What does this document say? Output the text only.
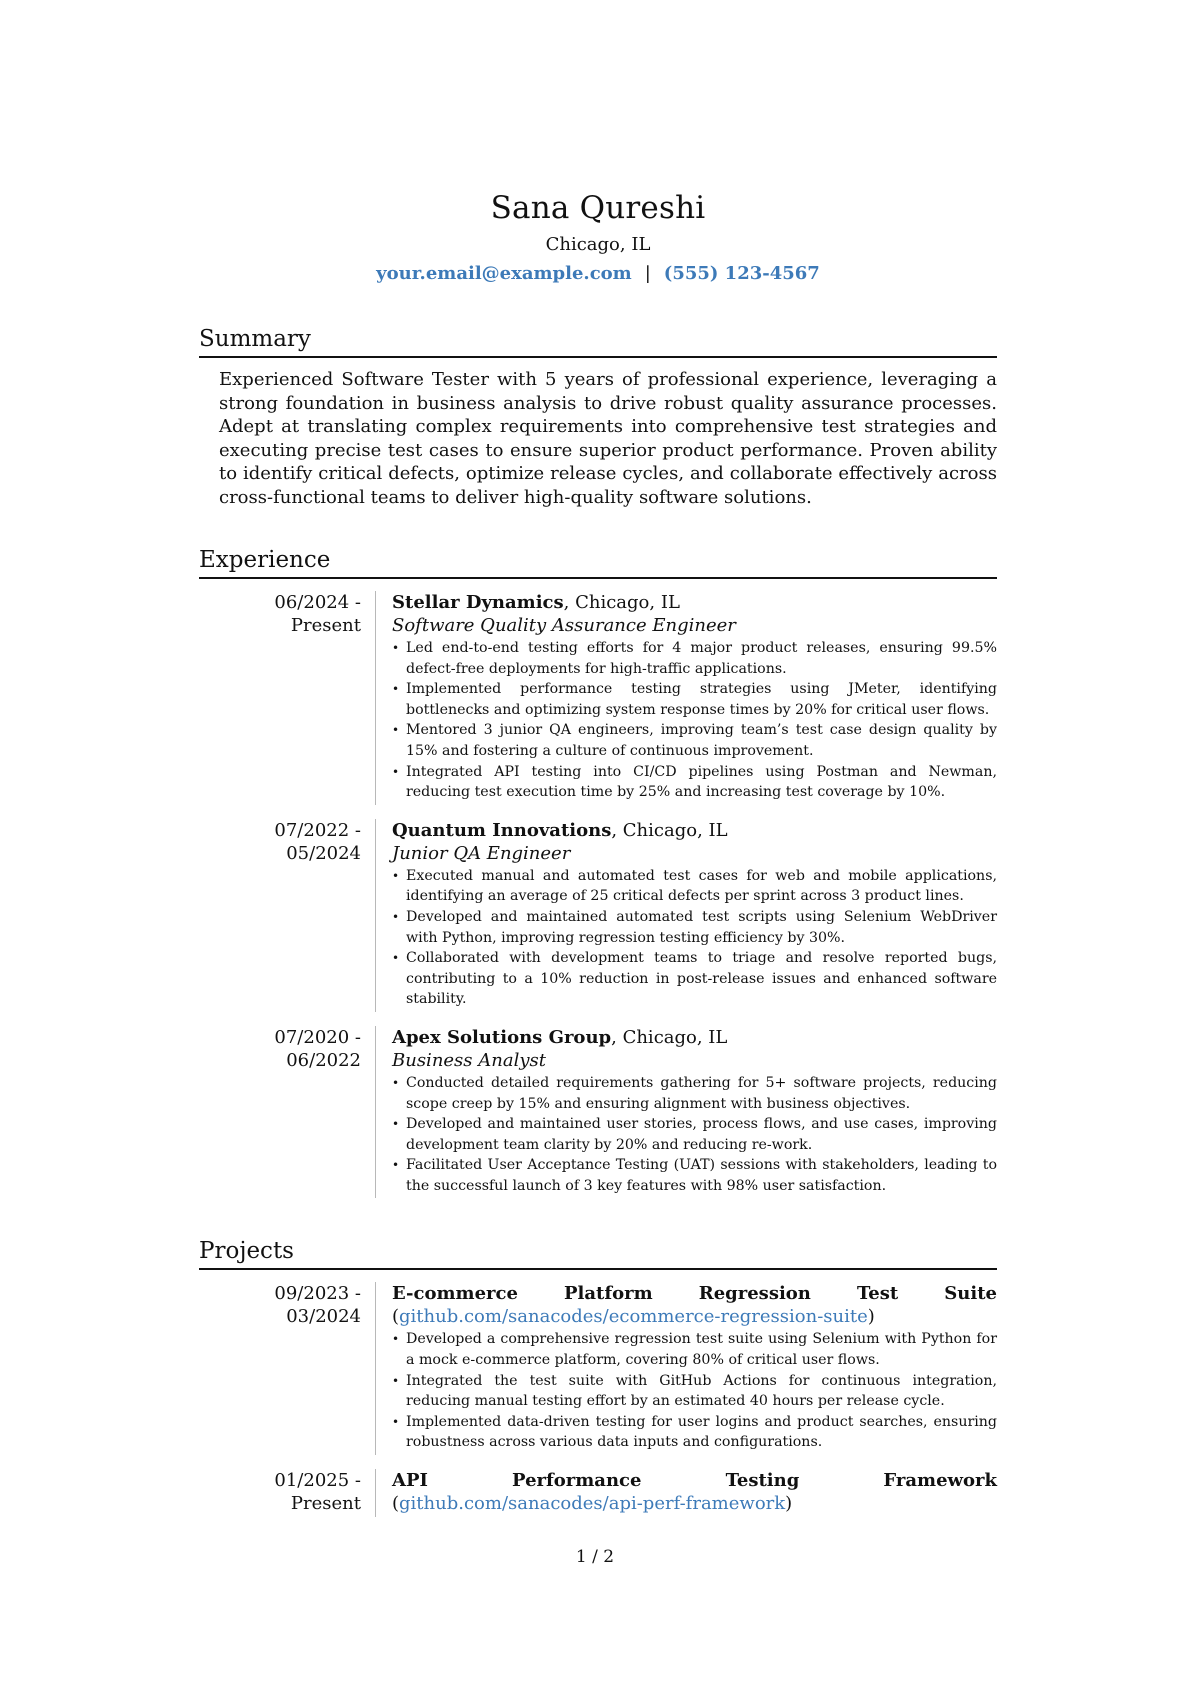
Sana Qureshi
Chicago, IL
your.email@example.com | (555) 123-4567
Summary
Experienced Software Tester with 5 years of professional experience, leveraging a strong foundation in business analysis to drive robust quality assurance processes. Adept at translating complex requirements into comprehensive test strategies and executing precise test cases to ensure superior product performance. Proven ability to identify critical defects, optimize release cycles, and collaborate effectively across cross-functional teams to deliver high-quality software solutions.
Experience
06/2024 - Present
Stellar Dynamics, Chicago, IL
Software Quality Assurance Engineer
• Led end-to-end testing efforts for 4 major product releases, ensuring 99.5% defect-free deployments for high-traffic applications.
• Implemented performance testing strategies using JMeter, identifying bottlenecks and optimizing system response times by 20% for critical user flows.
• Mentored 3 junior QA engineers, improving team’s test case design quality by 15% and fostering a culture of continuous improvement.
• Integrated API testing into CI/CD pipelines using Postman and Newman, reducing test execution time by 25% and increasing test coverage by 10%.
07/2022 - 05/2024
Quantum Innovations, Chicago, IL
Junior QA Engineer
• Executed manual and automated test cases for web and mobile applications, identifying an average of 25 critical defects per sprint across 3 product lines.
• Developed and maintained automated test scripts using Selenium WebDriver with Python, improving regression testing efficiency by 30%.
• Collaborated with development teams to triage and resolve reported bugs, contributing to a 10% reduction in post-release issues and enhanced software stability.
07/2020 - 06/2022
Apex Solutions Group, Chicago, IL
Business Analyst
• Conducted detailed requirements gathering for 5+ software projects, reducing scope creep by 15% and ensuring alignment with business objectives.
• Developed and maintained user stories, process flows, and use cases, improving development team clarity by 20% and reducing re-work.
• Facilitated User Acceptance Testing (UAT) sessions with stakeholders, leading to the successful launch of 3 key features with 98% user satisfaction.
Projects
09/2023 - 03/2024
E-commerce Platform Regression Test Suite (github.com/sanacodes/ecommerce-regression-suite)
• Developed a comprehensive regression test suite using Selenium with Python for a mock e-commerce platform, covering 80% of critical user flows.
• Integrated the test suite with GitHub Actions for continuous integration, reducing manual testing effort by an estimated 40 hours per release cycle.
• Implemented data-driven testing for user logins and product searches, ensuring robustness across various data inputs and configurations.
01/2025 - Present
API Performance Testing Framework (github.com/sanacodes/api-perf-framework)
1 / 2
